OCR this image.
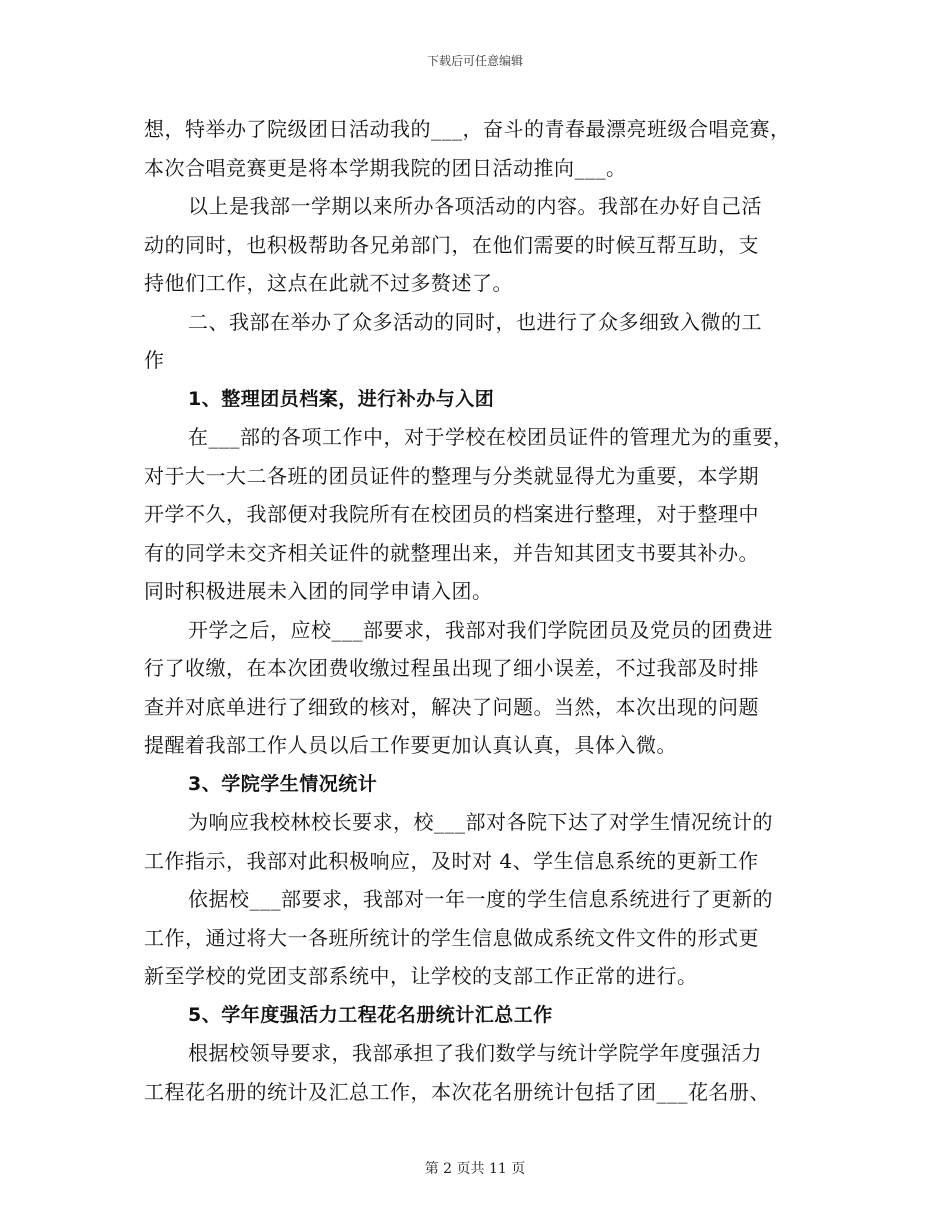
下载后可任意编辑
想，特举办了院级团日活动我的___，奋斗的青春最漂亮班级合唱竞赛，
本次合唱竞赛更是将本学期我院的团日活动推向___。
以上是我部一学期以来所办各项活动的内容。我部在办好自己活
动的同时，也积极帮助各兄弟部门，在他们需要的时候互帮互助，支
持他们工作，这点在此就不过多赘述了。
二、我部在举办了众多活动的同时，也进行了众多细致入微的工
作
1、整理团员档案，进行补办与入团
在___部的各项工作中，对于学校在校团员证件的管理尤为的重要，
对于大一大二各班的团员证件的整理与分类就显得尤为重要，本学期
开学不久，我部便对我院所有在校团员的档案进行整理，对于整理中
有的同学未交齐相关证件的就整理出来，并告知其团支书要其补办。
同时积极进展未入团的同学申请入团。
开学之后，应校___部要求，我部对我们学院团员及党员的团费进
行了收缴，在本次团费收缴过程虽出现了细小误差，不过我部及时排
查并对底单进行了细致的核对，解决了问题。当然，本次出现的问题
提醒着我部工作人员以后工作要更加认真认真，具体入微。
3、学院学生情况统计
为响应我校林校长要求，校___部对各院下达了对学生情况统计的
工作指示，我部对此积极响应，及时对 4、学生信息系统的更新工作
依据校___部要求，我部对一年一度的学生信息系统进行了更新的
工作，通过将大一各班所统计的学生信息做成系统文件文件的形式更
新至学校的党团支部系统中，让学校的支部工作正常的进行。
5、学年度强活力工程花名册统计汇总工作
根据校领导要求，我部承担了我们数学与统计学院学年度强活力
工程花名册的统计及汇总工作，本次花名册统计包括了团___花名册、
第 2 页共 11 页
